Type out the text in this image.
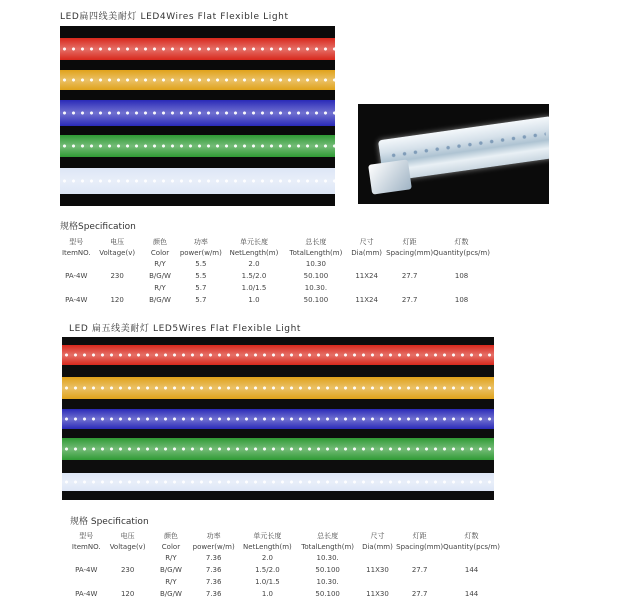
LED扁四线美耐灯 LED4Wires Flat Flexible Light
规格Specification
型号	电压	颜色	功率	单元长度	总长度	尺寸	灯距	灯数
ItemNO.	Voltage(v)	Color	power(w/m)	NetLength(m)	TotalLength(m)	Dia(mm)	Spacing(mm)	Quantity(pcs/m)
		R/Y	5.5	2.0	10.30			
PA-4W	230	B/G/W	5.5	1.5/2.0	50.100	11X24	27.7	108
		R/Y	5.7	1.0/1.5	10.30.			
PA-4W	120	B/G/W	5.7	1.0	50.100	11X24	27.7	108
LED 扁五线美耐灯 LED5Wires Flat Flexible Light
规格 Specification
型号	电压	颜色	功率	单元长度	总长度	尺寸	灯距	灯数
ItemNO.	Voltage(v)	Color	power(w/m)	NetLength(m)	TotalLength(m)	Dia(mm)	Spacing(mm)	Quantity(pcs/m)
		R/Y	7.36	2.0	10.30.			
PA-4W	230	B/G/W	7.36	1.5/2.0	50.100	11X30	27.7	144
		R/Y	7.36	1.0/1.5	10.30.			
PA-4W	120	B/G/W	7.36	1.0	50.100	11X30	27.7	144
